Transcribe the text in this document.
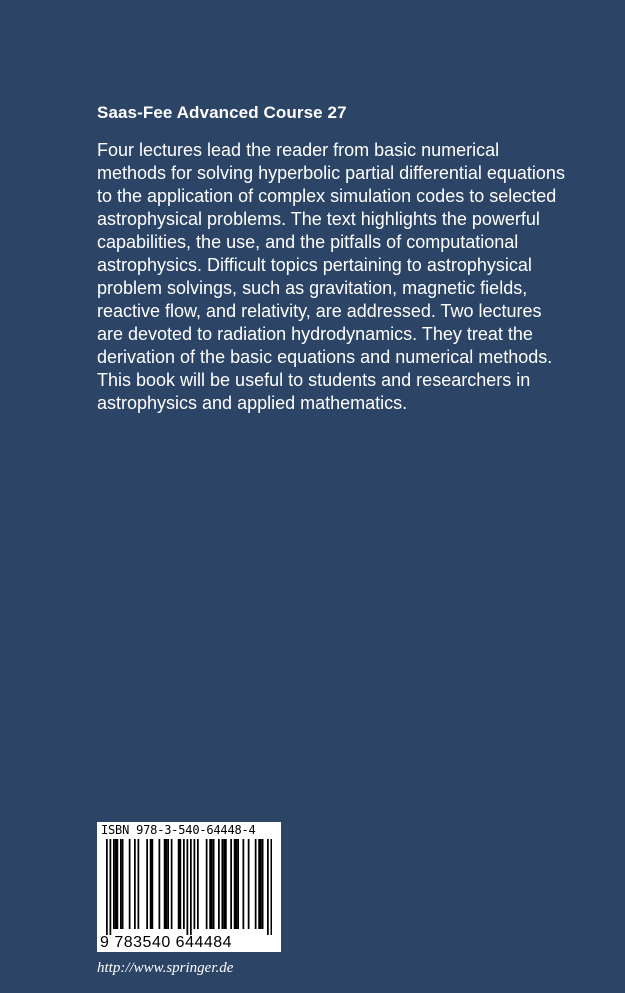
Saas-Fee Advanced Course 27
Four lectures lead the reader from basic numerical
methods for solving hyperbolic partial differential equations
to the application of complex simulation codes to selected
astrophysical problems. The text highlights the powerful
capabilities, the use, and the pitfalls of computational
astrophysics. Difficult topics pertaining to astrophysical
problem solvings, such as gravitation, magnetic fields,
reactive flow, and relativity, are addressed. Two lectures
are devoted to radiation hydrodynamics. They treat the
derivation of the basic equations and numerical methods.
This book will be useful to students and researchers in
astrophysics and applied mathematics.
ISBN 978-3-540-64448-4
9 783540 644484
http://www.springer.de
